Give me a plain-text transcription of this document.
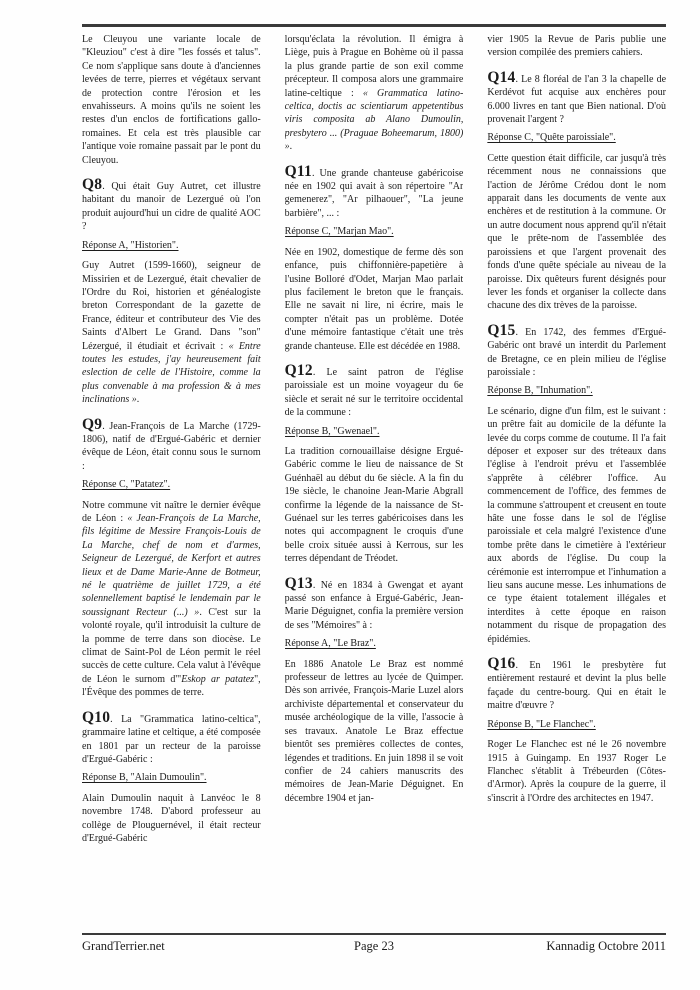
Le Cleuyou une variante locale de "Kleuziou" c'est à dire "les fossés et talus". Ce nom s'applique sans doute à d'anciennes levées de terre, pierres et végétaux servant de protection contre l'érosion et les envahisseurs. A moins qu'ils ne soient les restes d'un enclos de fortifications gallo-romaines. Et cela est très plausible car l'antique voie romaine passait par le pont du Cleuyou.

Q8. Qui était Guy Autret, cet illustre habitant du manoir de Lezergué où l'on produit aujourd'hui un cidre de qualité AOC ?

Réponse A, "Historien".

Guy Autret (1599-1660), seigneur de Missirien et de Lezergué, était chevalier de l'Ordre du Roi, historien et généalogiste breton Correspondant de la gazette de France, éditeur et contributeur des Vie des Saints d'Albert Le Grand. Dans "son" Lézergué, il étudiait et écrivait : « Entre toutes les estudes, j'ay heureusement fait eslection de celle de l'Histoire, comme la plus convenable à ma profession & à mes inclinations ».

Q9. Jean-François de La Marche (1729-1806), natif de d'Ergué-Gabéric et dernier évêque de Léon, était connu sous le surnom :

Réponse C, "Patatez".

Notre commune vit naître le dernier évêque de Léon : « Jean-François de La Marche, fils légitime de Messire François-Louis de La Marche, chef de nom et d'armes, Seigneur de Lezergué, de Kerfort et autres lieux et de Dame Marie-Anne de Botmeur, né le quatrième de juillet 1729, a été solennellement baptisé le lendemain par le soussignant Recteur (...) ». C'est sur la volonté royale, qu'il introduisit la culture de la pomme de terre dans son diocèse. Le climat de Saint-Pol de Léon permit le réel succès de cette culture. Cela valut à l'évêque de Léon le surnom d'"Eskop ar patatez", l'Évêque des pommes de terre.

Q10. La "Grammatica latino-celtica", grammaire latine et celtique, a été composée en 1801 par un recteur de la paroisse d'Ergué-Gabéric :

Réponse B, "Alain Dumoulin".

Alain Dumoulin naquit à Lanvéoc le 8 novembre 1748. D'abord professeur au collège de Plouguernével, il était recteur d'Ergué-Gabéric

lorsqu'éclata la révolution. Il émigra à Liège, puis à Prague en Bohème où il passa la plus grande partie de son exil comme précepteur. Il composa alors une grammaire latine-celtique : « Grammatica latino-celtica, doctis ac scientiarum appetentibus viris composita ab Alano Dumoulin, presbytero ... (Praguae Boheemarum, 1800) ».

Q11. Une grande chanteuse gabéricoise née en 1902 qui avait à son répertoire "Ar gemenerez", "Ar pilhaouer", "La jeune barbière", ... :

Réponse C, "Marjan Mao".

Née en 1902, domestique de ferme dès son enfance, puis chiffonnière-papetière à l'usine Bolloré d'Odet, Marjan Mao parlait plus facilement le breton que le français. Elle ne savait ni lire, ni écrire, mais le compter n'était pas un problème. Dotée d'une mémoire fantastique c'était une très grande chanteuse. Elle est décédée en 1988.

Q12. Le saint patron de l'église paroissiale est un moine voyageur du 6e siècle et serait né sur le territoire occidental de la commune :

Réponse B, "Gwenael".

La tradition cornouaillaise désigne Ergué-Gabéric comme le lieu de naissance de St Guénhaël au début du 6e siècle. A la fin du 19e siècle, le chanoine Jean-Marie Abgrall confirme la légende de la naissance de St-Guénael sur les terres gabéricoises dans les notes qui accompagnent le croquis d'une belle croix située aussi à Kerrous, sur les terres dépendant de Tréodet.

Q13. Né en 1834 à Gwengat et ayant passé son enfance à Ergué-Gabéric, Jean-Marie Déguignet, confia la première version de ses "Mémoires" à :

Réponse A, "Le Braz".

En 1886 Anatole Le Braz est nommé professeur de lettres au lycée de Quimper. Dès son arrivée, François-Marie Luzel alors archiviste départemental et conservateur du musée archéologique de la ville, l'associe à ses travaux. Anatole Le Braz effectue bientôt ses premières collectes de contes, légendes et traditions. En juin 1898 il se voit confier de 24 cahiers manuscrits des mémoires de Jean-Marie Déguignet. En décembre 1904 et jan-

vier 1905 la Revue de Paris publie une version compilée des premiers cahiers.

Q14. Le 8 floréal de l'an 3 la chapelle de Kerdévot fut acquise aux enchères pour 6.000 livres en tant que Bien national. D'où provenait l'argent ?

Réponse C, "Quête paroissiale".

Cette question était difficile, car jusqu'à très récemment nous ne connaissions que l'action de Jérôme Crédou dont le nom apparait dans les documents de vente aux enchères et de restitution à la commune. Or un autre document nous apprend qu'il n'était que le prête-nom de l'assemblée des paroissiens et que l'argent provenait des fonds d'une quête spéciale au niveau de la paroisse. Dix quêteurs furent désignés pour lever les fonds et organiser la collecte dans chacune des dix trèves de la paroisse.

Q15. En 1742, des femmes d'Ergué-Gabéric ont bravé un interdit du Parlement de Bretagne, ce en plein milieu de l'église paroissiale :

Réponse B, "Inhumation".

Le scénario, digne d'un film, est le suivant : un prêtre fait au domicile de la défunte la levée du corps comme de coutume. Il l'a fait déposer et exposer sur des tréteaux dans l'église à l'endroit prévu et l'assemblée s'apprête à célébrer l'office. Au commencement de l'office, des femmes de la commune s'attroupent et creusent en toute hâte une fosse dans le sol de l'église paroissiale et cela malgré l'existence d'une tombe prête dans le cimetière à l'extérieur aux abords de l'église. Du coup la cérémonie est interrompue et l'inhumation a lieu sans aucune messe. Les inhumations de ce type étaient totalement illégales et interdites à cette époque en raison notamment du risque de propagation des épidémies.

Q16. En 1961 le presbytère fut entièrement restauré et devint la plus belle façade du centre-bourg. Qui en était le maitre d'œuvre ?

Réponse B, "Le Flanchec".

Roger Le Flanchec est né le 26 novembre 1915 à Guingamp. En 1937 Roger Le Flanchec s'établit à Trébeurden (Côtes-d'Armor). Après la coupure de la guerre, il s'inscrit à l'Ordre des architectes en 1947.

GrandTerrier.net	Page 23	Kannadig Octobre 2011
